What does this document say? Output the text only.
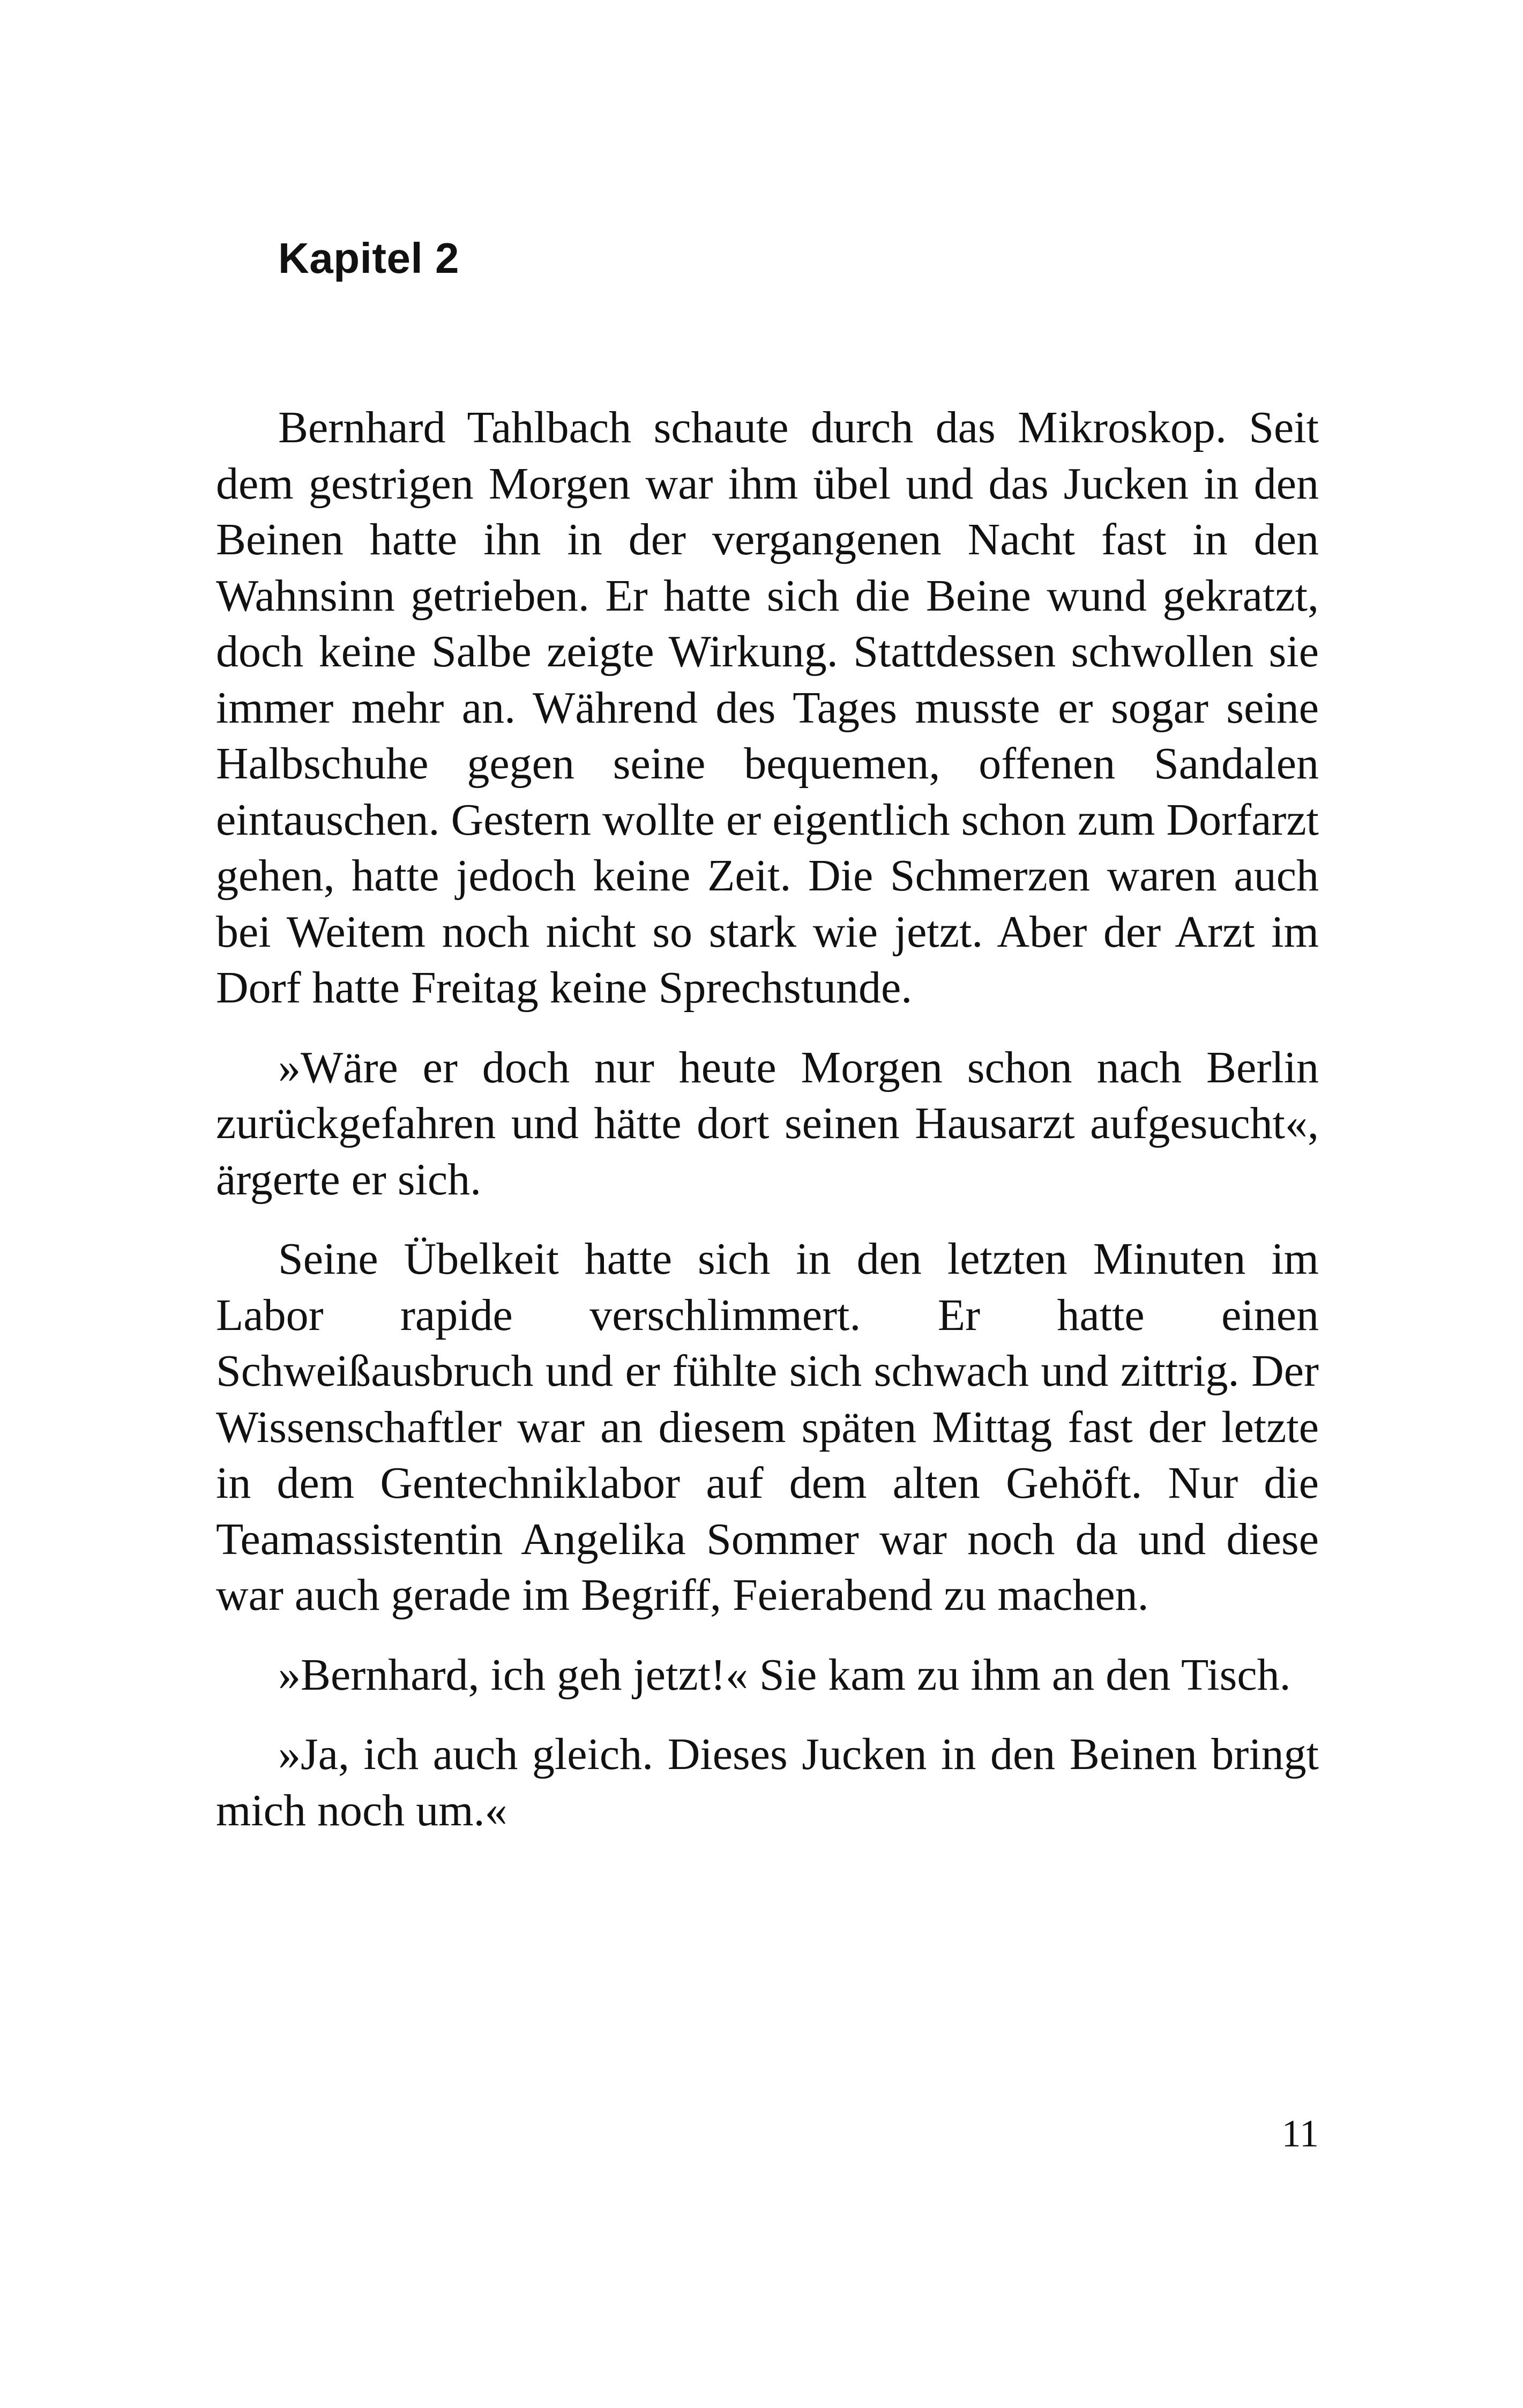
Kapitel 2

Bernhard Tahlbach schaute durch das Mikroskop. Seit dem gestrigen Morgen war ihm übel und das Jucken in den Beinen hatte ihn in der vergangenen Nacht fast in den Wahnsinn getrieben. Er hatte sich die Beine wund gekratzt, doch keine Salbe zeigte Wirkung. Stattdessen schwollen sie immer mehr an. Während des Tages musste er sogar seine Halbschuhe gegen seine bequemen, offenen Sandalen eintauschen. Gestern wollte er eigentlich schon zum Dorfarzt gehen, hatte jedoch keine Zeit. Die Schmerzen waren auch bei Weitem noch nicht so stark wie jetzt. Aber der Arzt im Dorf hatte Freitag keine Sprechstunde.

»Wäre er doch nur heute Morgen schon nach Berlin zurückgefahren und hätte dort seinen Hausarzt aufgesucht«, ärgerte er sich.

Seine Übelkeit hatte sich in den letzten Minuten im Labor rapide verschlimmert. Er hatte einen Schweißausbruch und er fühlte sich schwach und zittrig. Der Wissenschaftler war an diesem späten Mittag fast der letzte in dem Gentechniklabor auf dem alten Gehöft. Nur die Teamassistentin Angelika Sommer war noch da und diese war auch gerade im Begriff, Feierabend zu machen.

»Bernhard, ich geh jetzt!« Sie kam zu ihm an den Tisch.

»Ja, ich auch gleich. Dieses Jucken in den Beinen bringt mich noch um.«

11
